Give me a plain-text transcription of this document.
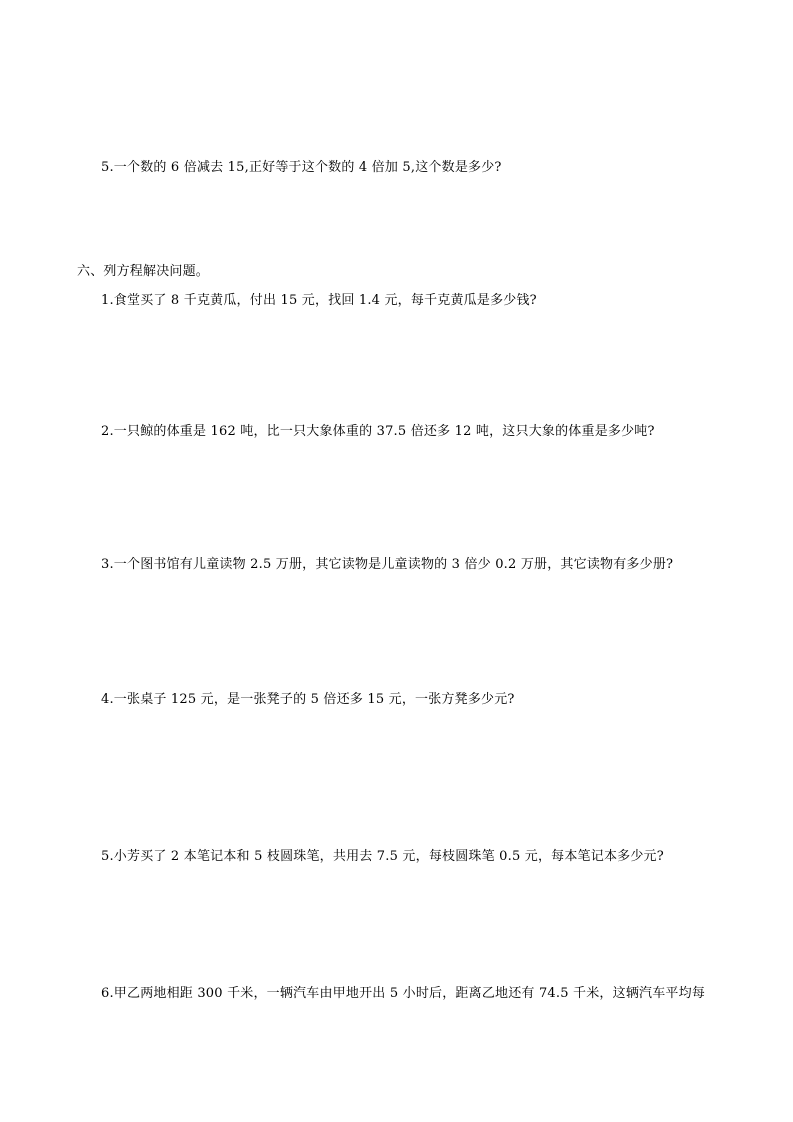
5.一个数的 6 倍减去 15,正好等于这个数的 4 倍加 5,这个数是多少?
六、列方程解决问题。
1.食堂买了 8 千克黄瓜，付出 15 元，找回 1.4 元，每千克黄瓜是多少钱?
2.一只鲸的体重是 162 吨，比一只大象体重的 37.5 倍还多 12 吨，这只大象的体重是多少吨?
3.一个图书馆有儿童读物 2.5 万册，其它读物是儿童读物的 3 倍少 0.2 万册，其它读物有多少册?
4.一张桌子 125 元，是一张凳子的 5 倍还多 15 元，一张方凳多少元?
5.小芳买了 2 本笔记本和 5 枝圆珠笔，共用去 7.5 元，每枝圆珠笔 0.5 元，每本笔记本多少元?
6.甲乙两地相距 300 千米，一辆汽车由甲地开出 5 小时后，距离乙地还有 74.5 千米，这辆汽车平均每
